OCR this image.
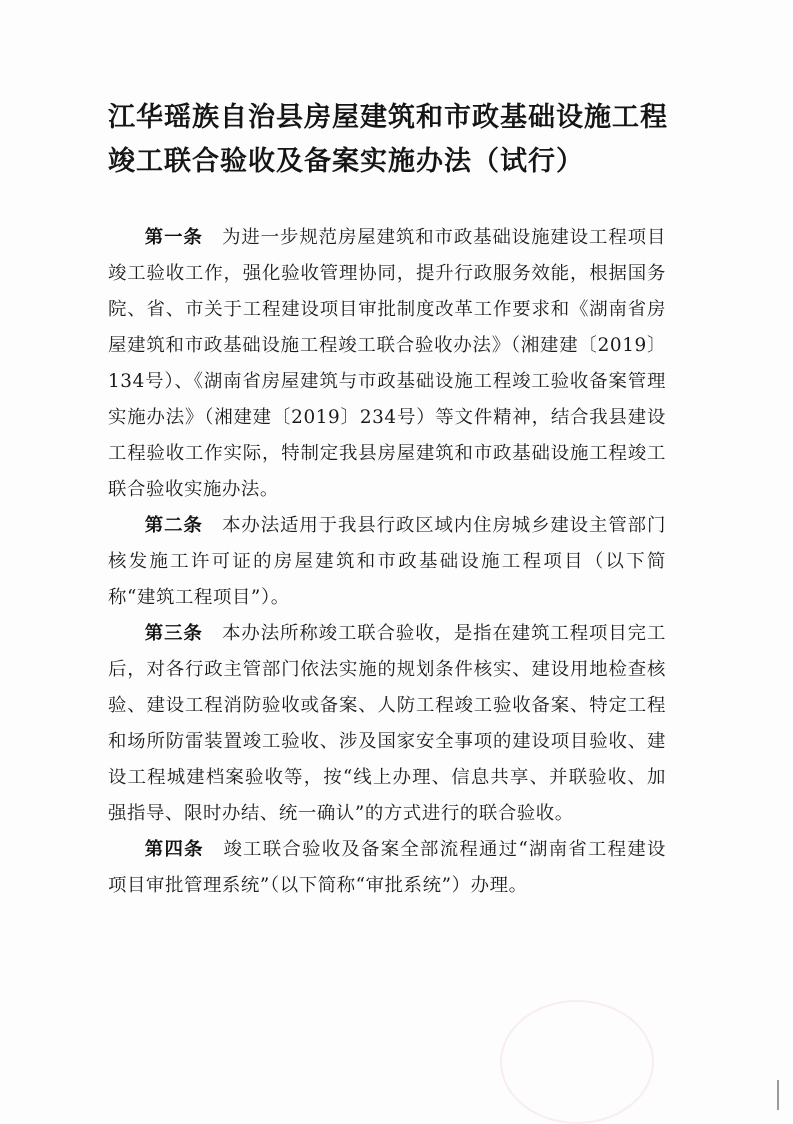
江华瑶族自治县房屋建筑和市政基础设施工程竣工联合验收及备案实施办法（试行）

第一条　 为进一步规范房屋建筑和市政基础设施建设工程项目竣工验收工作，强化验收管理协同，提升行政服务效能，根据国务院、省、市关于工程建设项目审批制度改革工作要求和《湖南省房屋建筑和市政基础设施工程竣工联合验收办法》（湘建建〔2019〕134号）、《湖南省房屋建筑与市政基础设施工程竣工验收备案管理实施办法》（湘建建〔2019〕234号）等文件精神，结合我县建设工程验收工作实际，特制定我县房屋建筑和市政基础设施工程竣工联合验收实施办法。

第二条　 本办法适用于我县行政区域内住房城乡建设主管部门核发施工许可证的房屋建筑和市政基础设施工程项目（以下简称“建筑工程项目”）。

第三条　 本办法所称竣工联合验收，是指在建筑工程项目完工后，对各行政主管部门依法实施的规划条件核实、建设用地检查核验、建设工程消防验收或备案、人防工程竣工验收备案、特定工程和场所防雷装置竣工验收、涉及国家安全事项的建设项目验收、建设工程城建档案验收等，按“线上办理、信息共享、并联验收、加强指导、限时办结、统一确认”的方式进行的联合验收。

第四条　 竣工联合验收及备案全部流程通过“湖南省工程建设项目审批管理系统”（以下简称“审批系统”）办理。
